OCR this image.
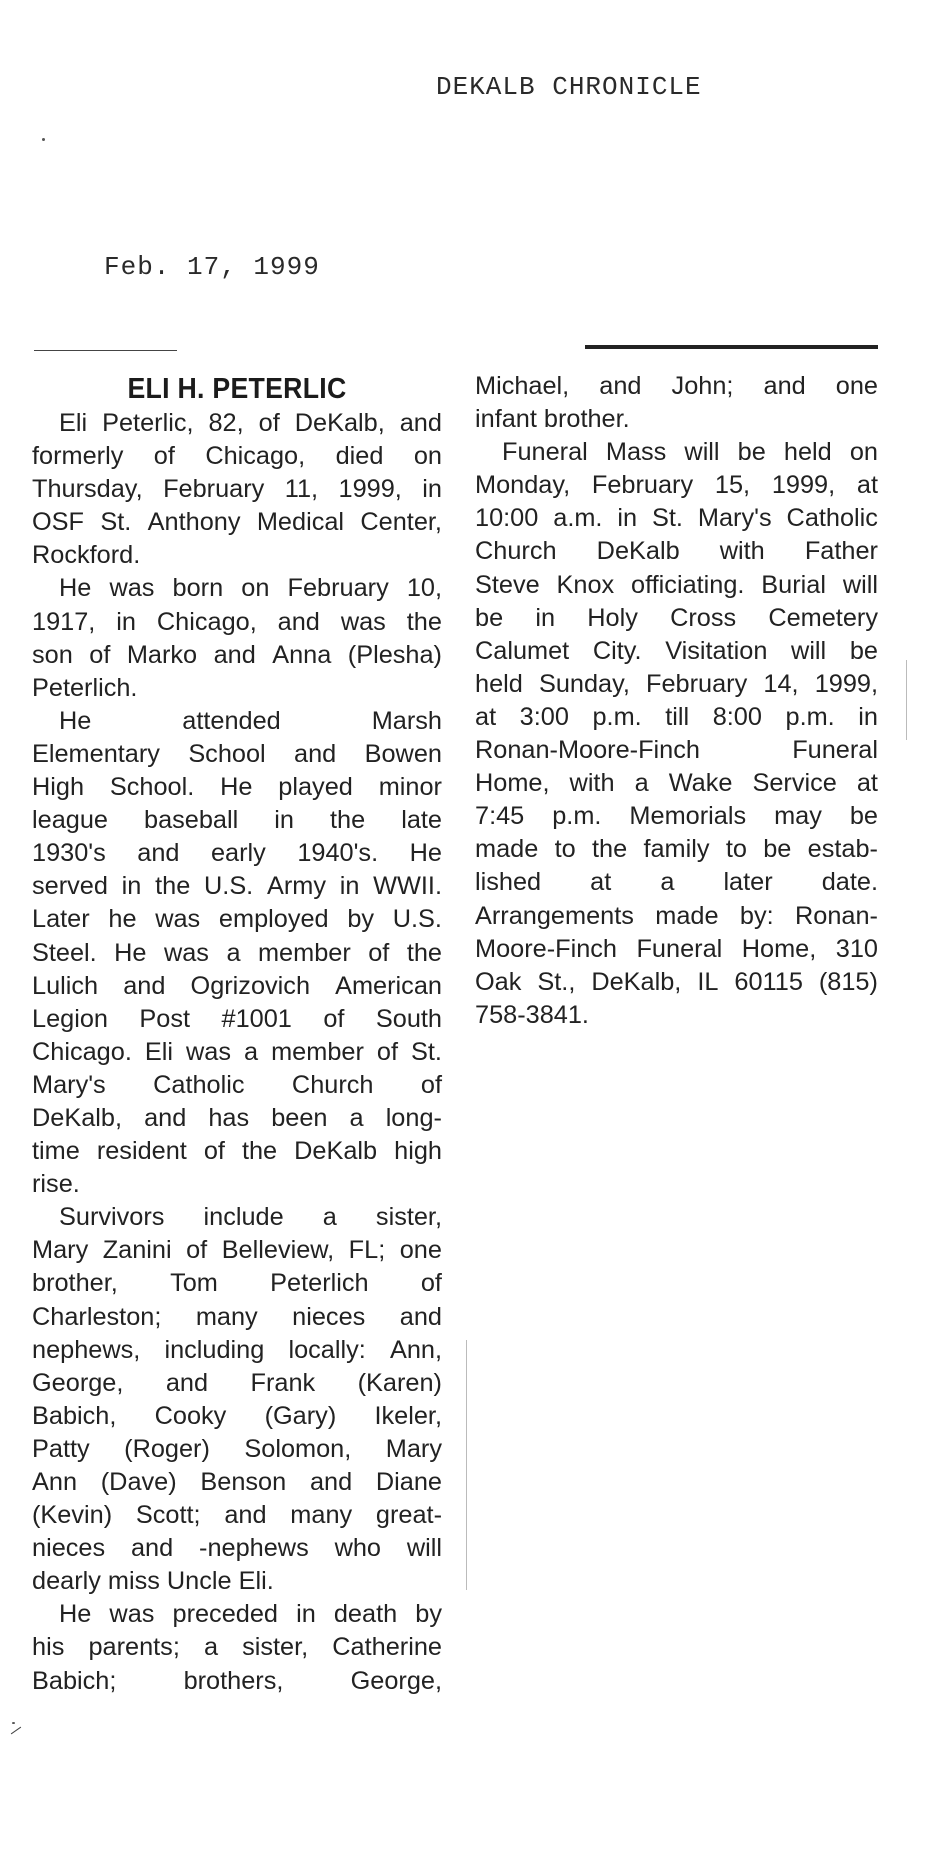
DEKALB CHRONICLE
Feb. 17, 1999
ELI H. PETERLIC
Eli Peterlic, 82, of DeKalb, and
formerly of Chicago, died on
Thursday, February 11, 1999, in
OSF St. Anthony Medical Center,
Rockford.
He was born on February 10,
1917, in Chicago, and was the
son of Marko and Anna (Plesha)
Peterlich.
He	attended	Marsh
Elementary School and Bowen
High School. He played minor
league baseball in the late
1930's and early 1940's. He
served in the U.S. Army in WWII.
Later he was employed by U.S.
Steel. He was a member of the
Lulich and Ogrizovich American
Legion Post #1001 of South
Chicago. Eli was a member of St.
Mary's Catholic Church of
DeKalb, and has been a long-
time resident of the DeKalb high
rise.
Survivors include a sister,
Mary Zanini of Belleview, FL; one
brother, Tom Peterlich of
Charleston; many nieces and
nephews, including locally: Ann,
George, and Frank (Karen)
Babich, Cooky (Gary) Ikeler,
Patty (Roger) Solomon, Mary
Ann (Dave) Benson and Diane
(Kevin) Scott; and many great-
nieces and -nephews who will
dearly miss Uncle Eli.
He was preceded in death by
his parents; a sister, Catherine
Babich;	brothers,	George,
Michael, and John; and one
infant brother.
Funeral Mass will be held on
Monday, February 15, 1999, at
10:00 a.m. in St. Mary's Catholic
Church DeKalb with Father
Steve Knox officiating. Burial will
be in Holy Cross Cemetery
Calumet City. Visitation will be
held Sunday, February 14, 1999,
at 3:00 p.m. till 8:00 p.m. in
Ronan-Moore-Finch	Funeral
Home, with a Wake Service at
7:45 p.m. Memorials may be
made to the family to be estab-
lished at a later date.
Arrangements made by: Ronan-
Moore-Finch Funeral Home, 310
Oak St., DeKalb, IL 60115 (815)
758-3841.
